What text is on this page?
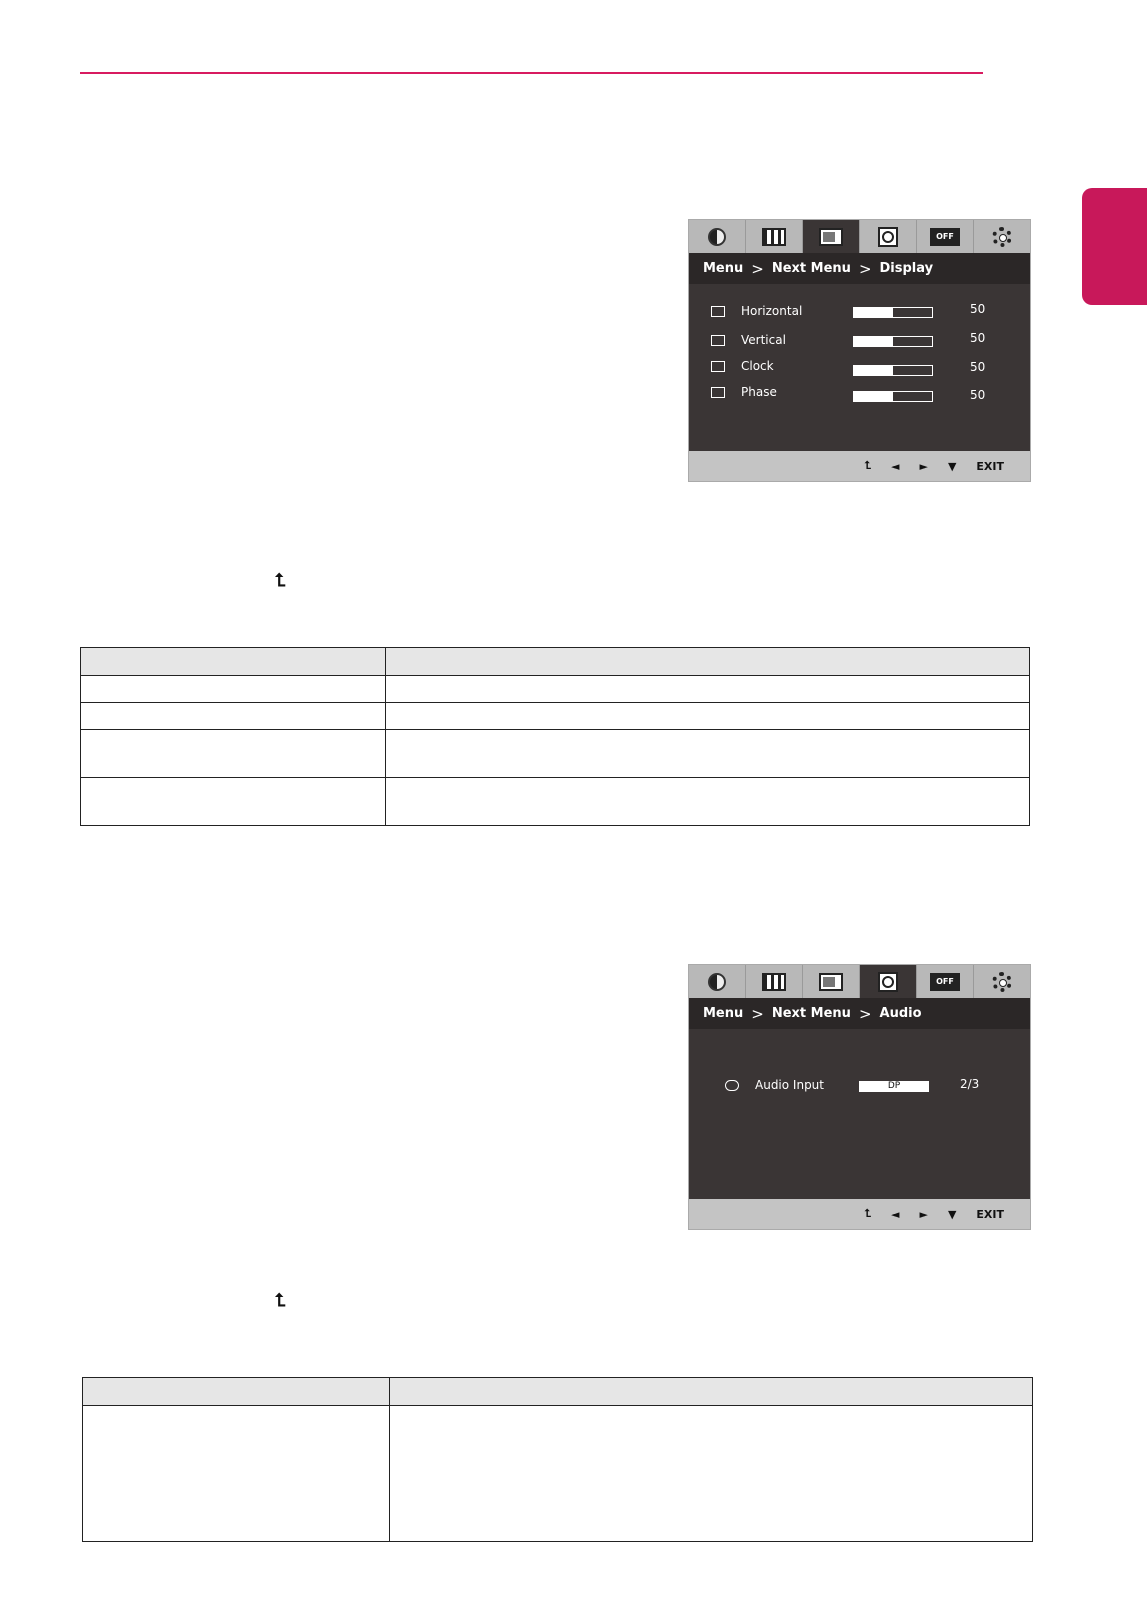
OFF
Menu > Next Menu > Display
Horizontal	50
Vertical	50
Clock	50
Phase	50
⮤ ◄ ► ▼ EXIT
⮤

OFF
Menu > Next Menu > Audio
Audio Input	DP	2/3
⮤ ◄ ► ▼ EXIT
⮤
